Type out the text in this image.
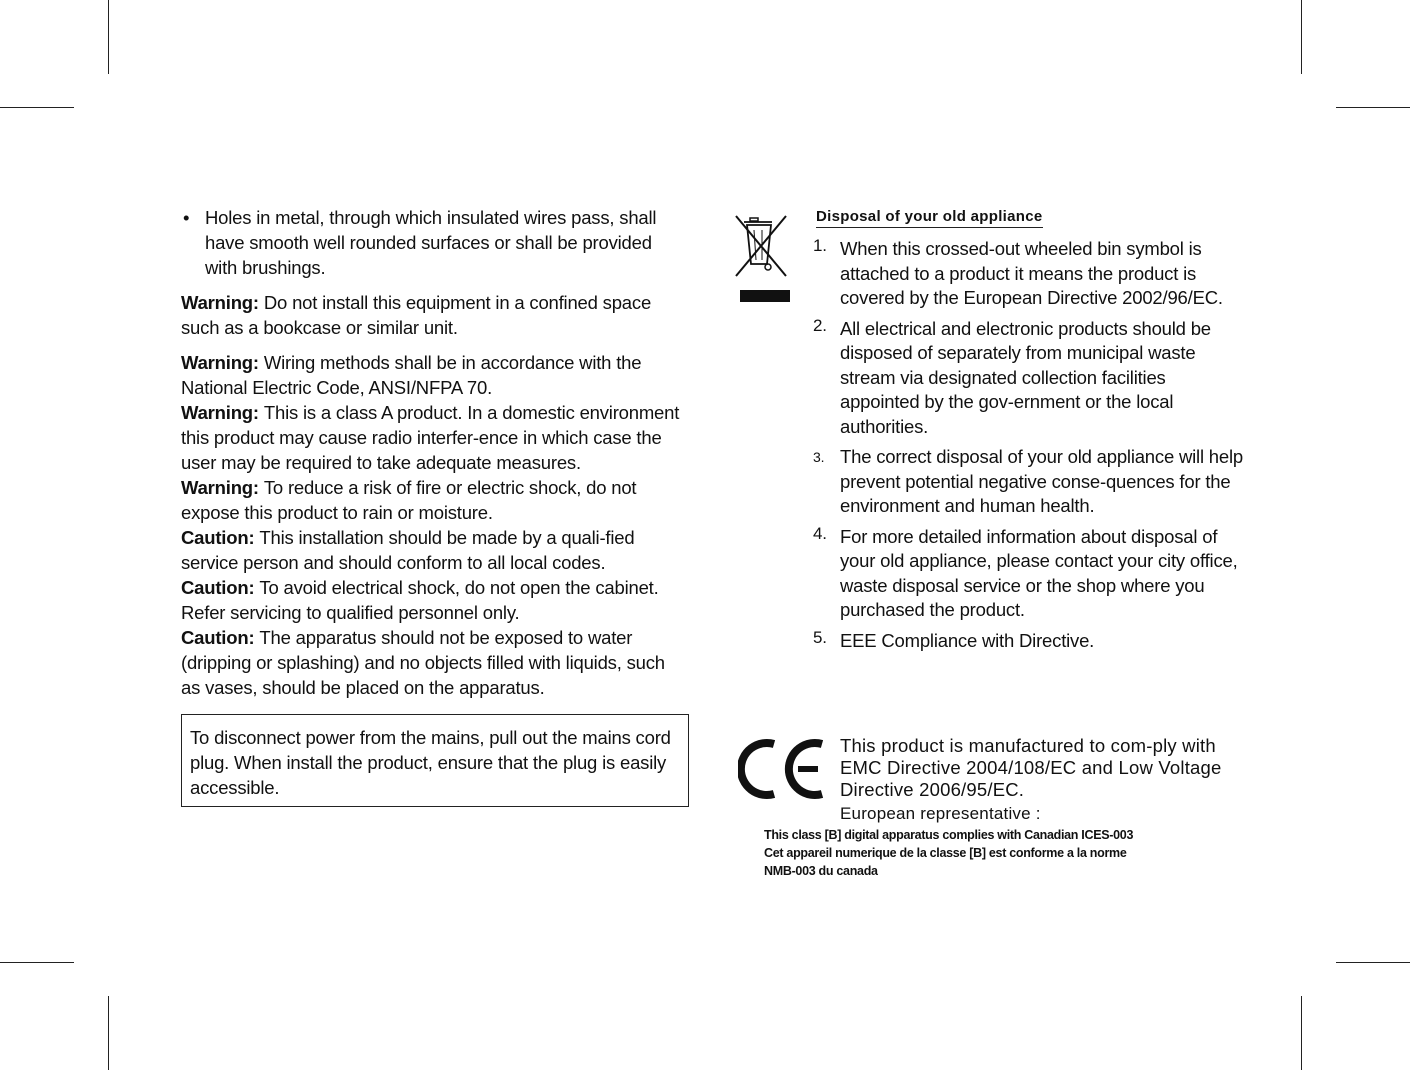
• Holes in metal, through which insulated wires pass, shall have smooth well rounded surfaces or shall be provided with brushings.

Warning: Do not install this equipment in a confined space such as a bookcase or similar unit.

Warning: Wiring methods shall be in accordance with the National Electric Code, ANSI/NFPA 70.

Warning: This is a class A product. In a domestic environment this product may cause radio interfer-ence in which case the user may be required to take adequate measures.

Warning: To reduce a risk of fire or electric shock, do not expose this product to rain or moisture.

Caution: This installation should be made by a quali-fied service person and should conform to all local codes.

Caution: To avoid electrical shock, do not open the cabinet. Refer servicing to qualified personnel only.

Caution: The apparatus should not be exposed to water (dripping or splashing) and no objects filled with liquids, such as vases, should be placed on the apparatus.

To disconnect power from the mains, pull out the mains cord plug. When install the product, ensure that the plug is easily accessible.
Disposal of your old appliance
1. When this crossed-out wheeled bin symbol is attached to a product it means the product is covered by the European Directive 2002/96/EC.
2. All electrical and electronic products should be disposed of separately from municipal waste stream via designated collection facilities appointed by the gov-ernment or the local authorities.
3. The correct disposal of your old appliance will help prevent potential negative conse-quences for the environment and human health.
4. For more detailed information about disposal of your old appliance, please contact your city office, waste disposal service or the shop where you purchased the product.
5. EEE Compliance with Directive.
This product is manufactured to com-ply with EMC Directive 2004/108/EC and Low Voltage Directive 2006/95/EC.
European representative :
This class [B] digital apparatus complies with Canadian ICES-003
Cet appareil numerique de la classe [B] est conforme a la norme
NMB-003 du canada
